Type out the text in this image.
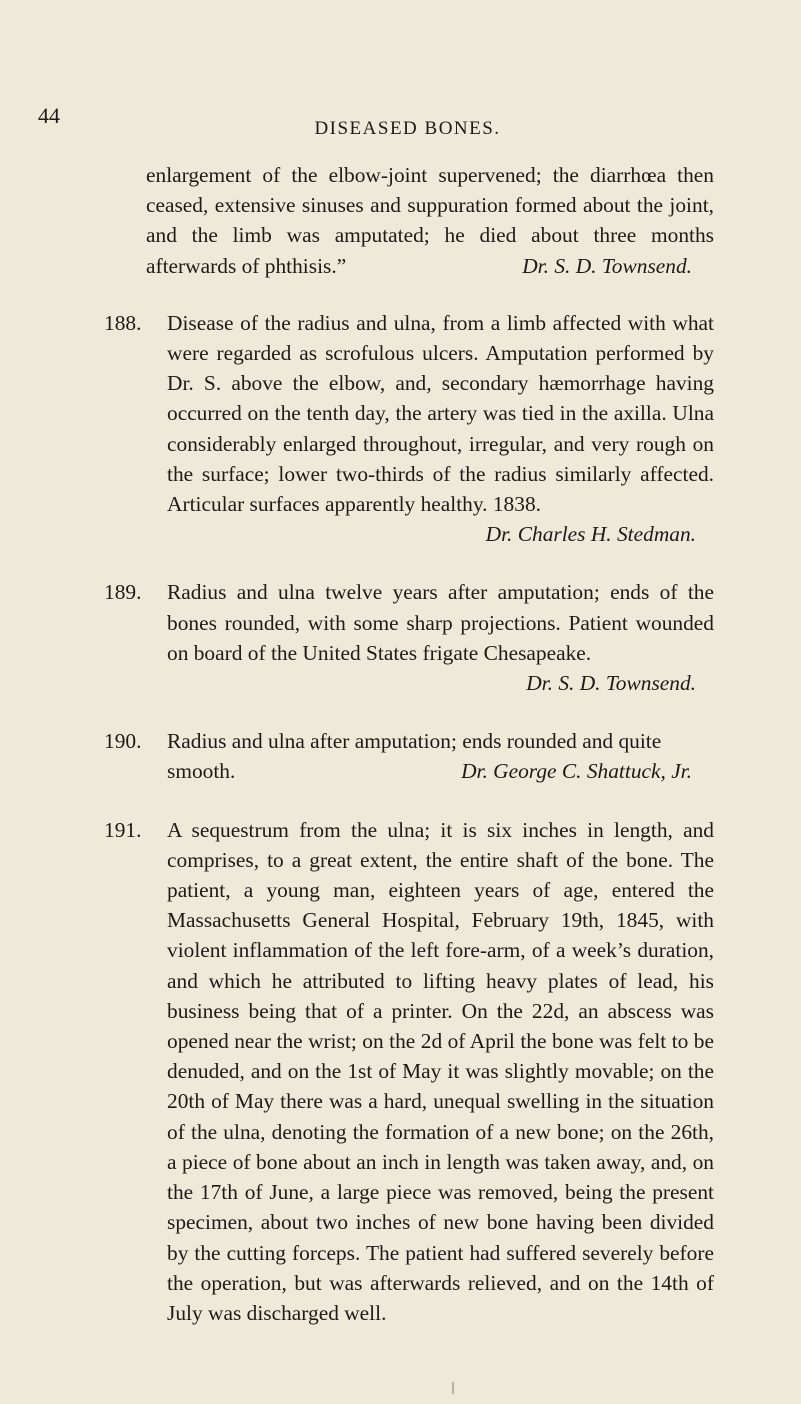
44
DISEASED BONES.

enlargement of the elbow-joint supervened; the diarrhœa then ceased, extensive sinuses and suppuration formed about the joint, and the limb was amputated; he died about three months afterwards of phthisis.”	Dr. S. D. Townsend.

188. Disease of the radius and ulna, from a limb affected with what were regarded as scrofulous ulcers. Amputation performed by Dr. S. above the elbow, and, secondary hæmorrhage having occurred on the tenth day, the artery was tied in the axilla. Ulna considerably enlarged throughout, irregular, and very rough on the surface; lower two-thirds of the radius similarly affected. Articular surfaces apparently healthy. 1838.
Dr. Charles H. Stedman.

189. Radius and ulna twelve years after amputation; ends of the bones rounded, with some sharp projections. Patient wounded on board of the United States frigate Chesapeake.
Dr. S. D. Townsend.

190. Radius and ulna after amputation; ends rounded and quite
smooth.	Dr. George C. Shattuck, Jr.

191. A sequestrum from the ulna; it is six inches in length, and comprises, to a great extent, the entire shaft of the bone. The patient, a young man, eighteen years of age, entered the Massachusetts General Hospital, February 19th, 1845, with violent inflammation of the left fore-arm, of a week’s duration, and which he attributed to lifting heavy plates of lead, his business being that of a printer. On the 22d, an abscess was opened near the wrist; on the 2d of April the bone was felt to be denuded, and on the 1st of May it was slightly movable; on the 20th of May there was a hard, unequal swelling in the situation of the ulna, denoting the formation of a new bone; on the 26th, a piece of bone about an inch in length was taken away, and, on the 17th of June, a large piece was removed, being the present specimen, about two inches of new bone having been divided by the cutting forceps. The patient had suffered severely before the operation, but was afterwards relieved, and on the 14th of July was discharged well.
